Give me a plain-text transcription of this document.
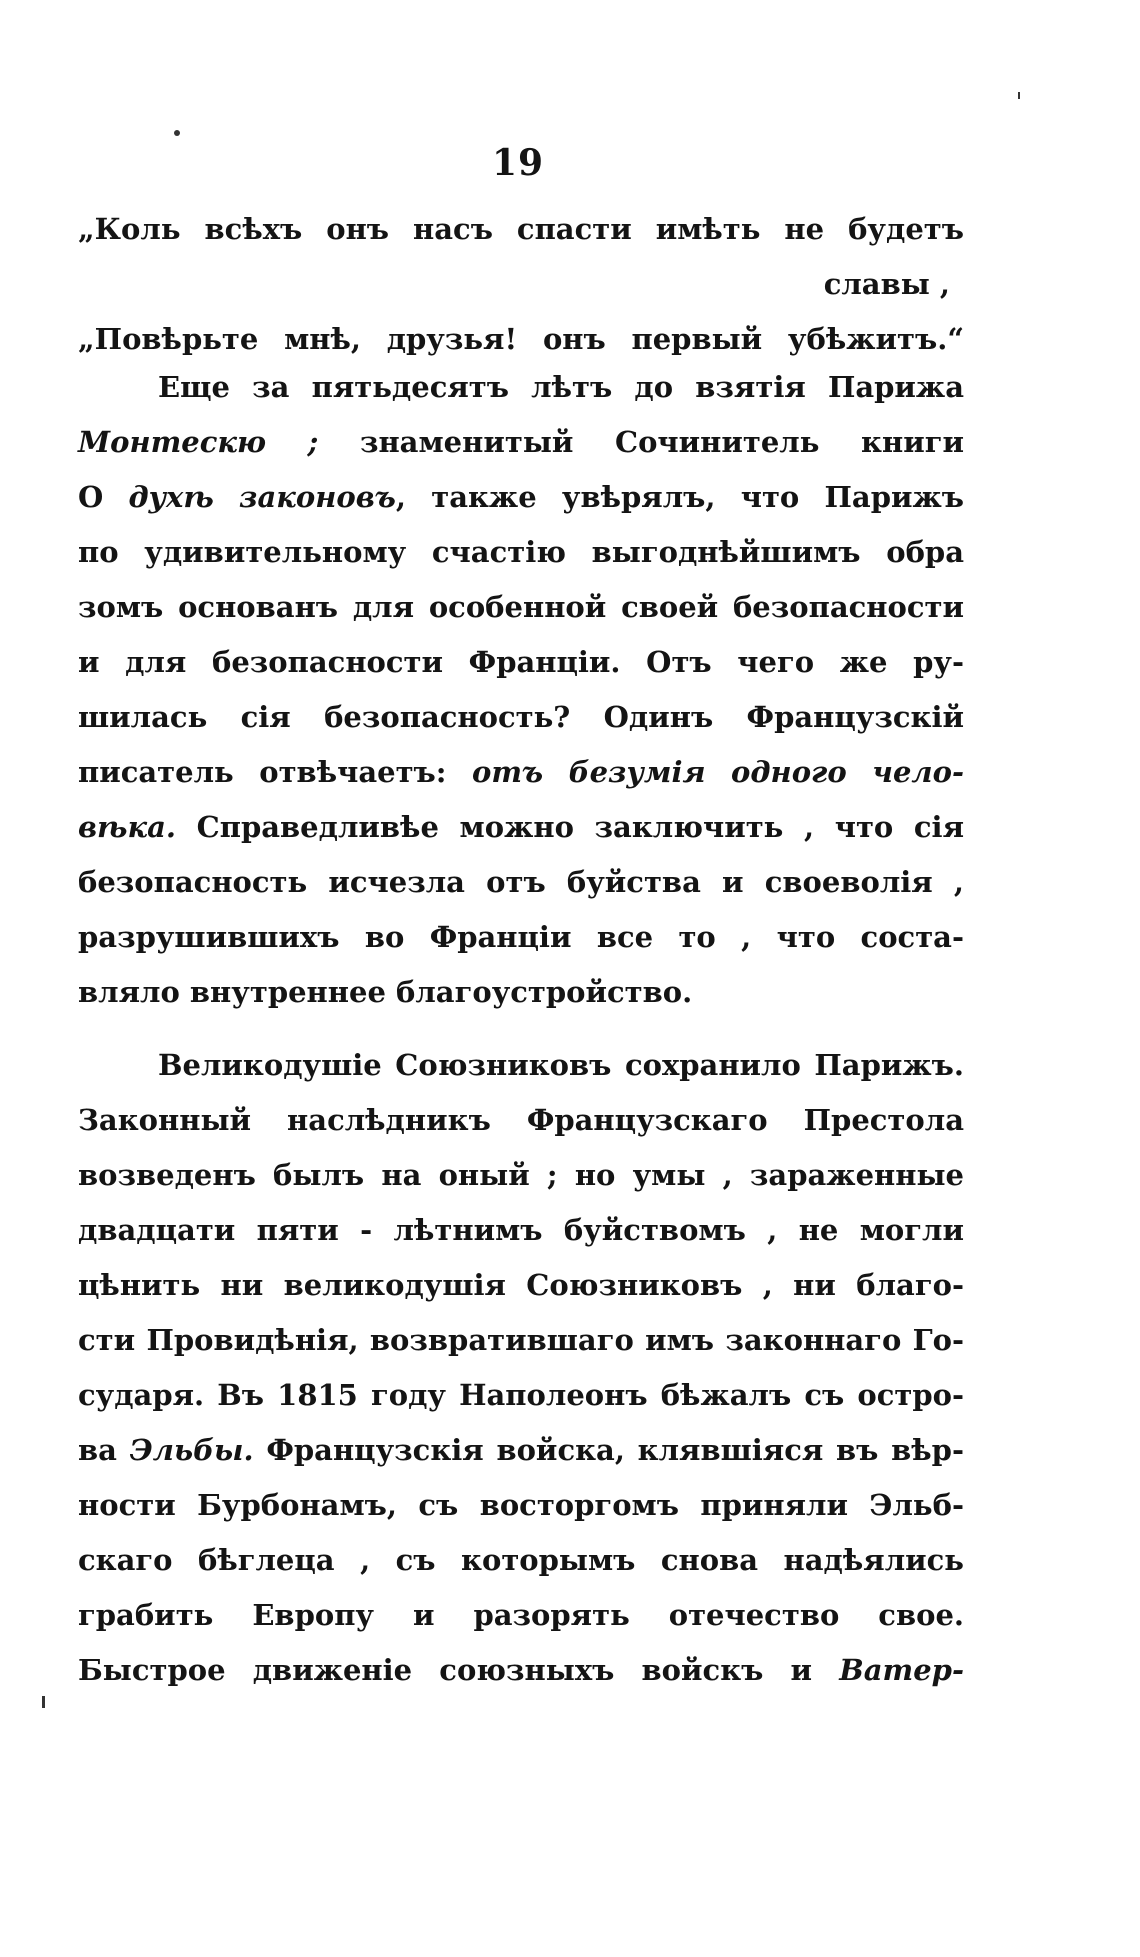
19
„Коль всѣхъ онъ насъ спасти имѣть не будетъ
славы ,
„Повѣрьте мнѣ, друзья! онъ первый убѣжитъ.“
Еще за пятьдесятъ лѣтъ до взятія Парижа
Монтескю ; знаменитый Сочинитель книги
О духѣ законовъ, также увѣрялъ, что Парижъ
по удивительному счастію выгоднѣйшимъ обра
зомъ основанъ для особенной своей безопасности
и для безопасности Франціи. Отъ чего же ру-
шилась сія безопасность? Одинъ Французскій
писатель отвѣчаетъ: отъ безумія одного чело-
вѣка. Справедливѣе можно заключить , что сія
безопасность исчезла отъ буйства и своеволія ,
разрушившихъ во Франціи все то , что соста-
вляло внутреннее благоустройство.
Великодушіе Союзниковъ сохранило Парижъ.
Законный наслѣдникъ Французскаго Престола
возведенъ былъ на оный ; но умы , зараженные
двадцати пяти - лѣтнимъ буйствомъ , не могли
цѣнить ни великодушія Союзниковъ , ни благо-
сти Провидѣнія, возвратившаго имъ законнаго Го-
сударя. Въ 1815 году Наполеонъ бѣжалъ съ остро-
ва Эльбы. Французскія войска, клявшіяся въ вѣр-
ности Бурбонамъ, съ восторгомъ приняли Эльб-
скаго бѣглеца , съ которымъ снова надѣялись
грабить Европу и разорять отечество свое.
Быстрое движеніе союзныхъ войскъ и Ватер-
